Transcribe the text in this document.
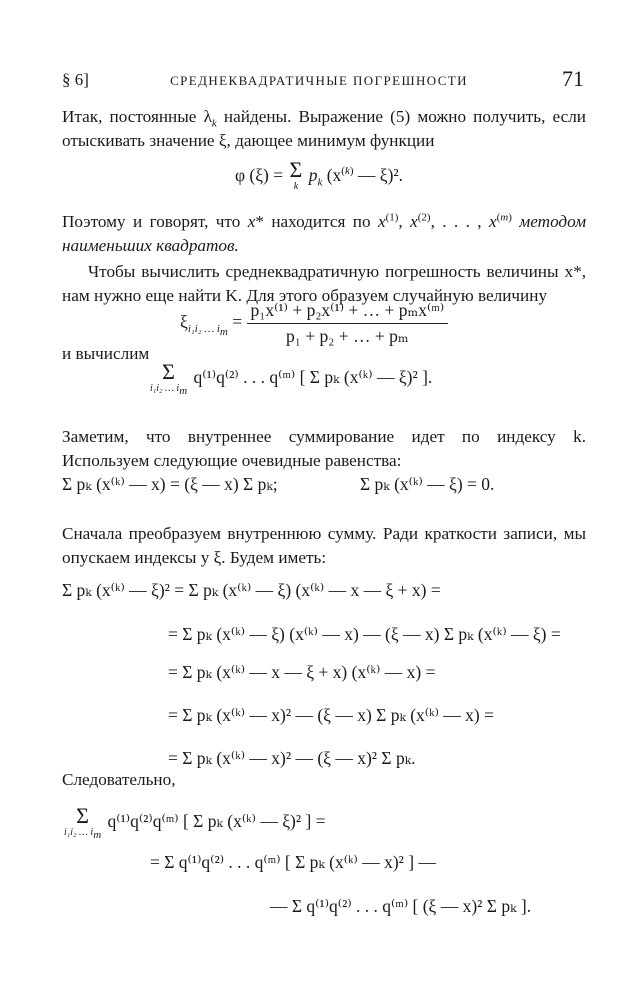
§ 6]	СРЕДНЕКВАДРАТИЧНЫЕ ПОГРЕШНОСТИ	71
Итак, постоянные $\lambda_k$ найдены. Выражение (5) можно получить, если отыскивать значение ξ, дающее минимум функции
φ (ξ) = Σ
k
$p_k$ ($x^{(k)}$ — ξ)².
Поэтому и говорят, что x* находится по $x^{(1)}$, $x^{(2)}$, . . . , $x^{(m)}$ методом наименьших квадратов.
Чтобы вычислить среднеквадратичную погрешность величины x*, нам нужно еще найти K. Для этого образуем случайную величину
$\xi_{i_1i_2 \dots i_m} = \frac{\text{p₁x⁽¹⁾ + p₂x⁽¹⁾ + … + pₘx⁽ᵐ⁾}}{\text{p₁ + p₂ + … + pₘ}}$
и вычислим
Σ
i₁i₂ … $i_m$
q⁽¹⁾q⁽²⁾ . . . q⁽ᵐ⁾ [ Σ pₖ (x⁽ᵏ⁾ — ξ)² ].
Заметим, что внутреннее суммирование идет по индексу k. Используем следующие очевидные равенства:
Σ pₖ (x⁽ᵏ⁾ — x) = (ξ — x) Σ pₖ;	Σ pₖ (x⁽ᵏ⁾ — ξ) = 0.
Сначала преобразуем внутреннюю сумму. Ради краткости записи, мы опускаем индексы у ξ. Будем иметь:
Σ pₖ (x⁽ᵏ⁾ — ξ)² = Σ pₖ (x⁽ᵏ⁾ — ξ) (x⁽ᵏ⁾ — x — ξ + x) =
= Σ pₖ (x⁽ᵏ⁾ — ξ) (x⁽ᵏ⁾ — x) — (ξ — x) Σ pₖ (x⁽ᵏ⁾ — ξ) =
= Σ pₖ (x⁽ᵏ⁾ — x — ξ + x) (x⁽ᵏ⁾ — x) =
= Σ pₖ (x⁽ᵏ⁾ — x)² — (ξ — x) Σ pₖ (x⁽ᵏ⁾ — x) =
= Σ pₖ (x⁽ᵏ⁾ — x)² — (ξ — x)² Σ pₖ.
Следовательно,
Σ
i₁i₂ … $i_m$
q⁽¹⁾q⁽²⁾q⁽ᵐ⁾ [ Σ pₖ (x⁽ᵏ⁾ — ξ)² ] =
= Σ q⁽¹⁾q⁽²⁾ . . . q⁽ᵐ⁾ [ Σ pₖ (x⁽ᵏ⁾ — x)² ] —
— Σ q⁽¹⁾q⁽²⁾ . . . q⁽ᵐ⁾ [ (ξ — x)² Σ pₖ ].
